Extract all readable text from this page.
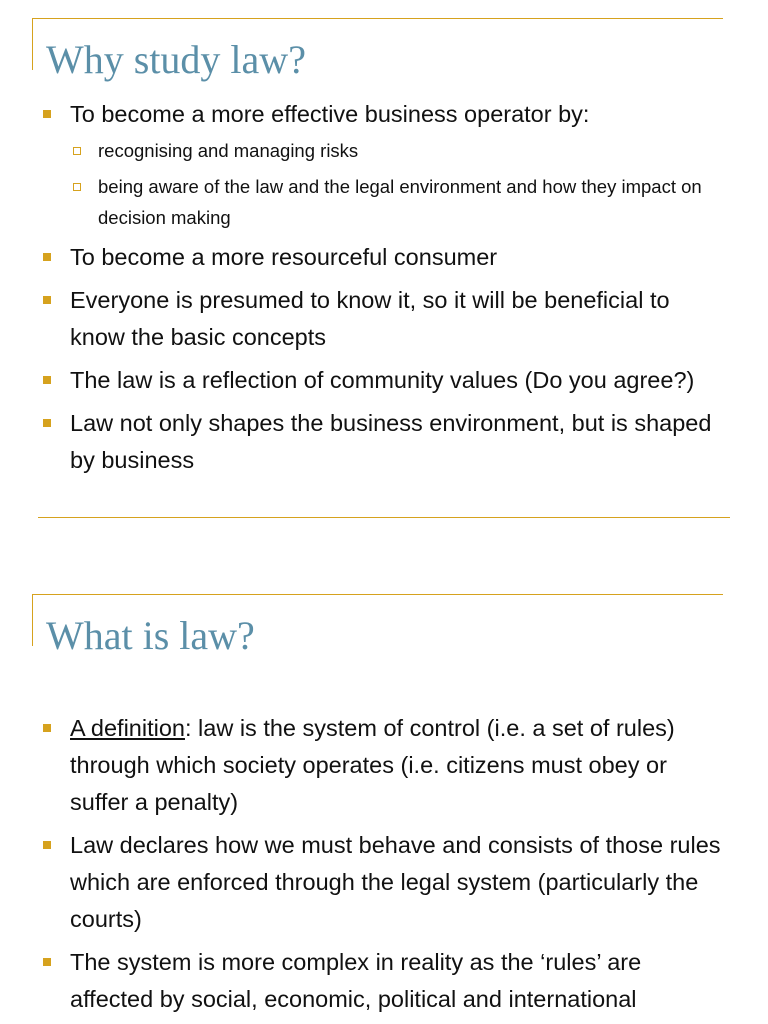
Why study law?
To become a more effective business operator by:
recognising and managing risks
being aware of the law and the legal environment and how they impact on decision making
To become a more resourceful consumer
Everyone is presumed to know it, so it will be beneficial to know the basic concepts
The law is a reflection of community values (Do you agree?)
Law not only shapes the business environment, but is shaped by business
What is law?
A definition: law is the system of control (i.e. a set of rules) through which society operates (i.e. citizens must obey or suffer a penalty)
Law declares how we must behave and consists of those rules which are enforced through the legal system (particularly the courts)
The system is more complex in reality as the ‘rules’ are affected by social, economic, political and international
